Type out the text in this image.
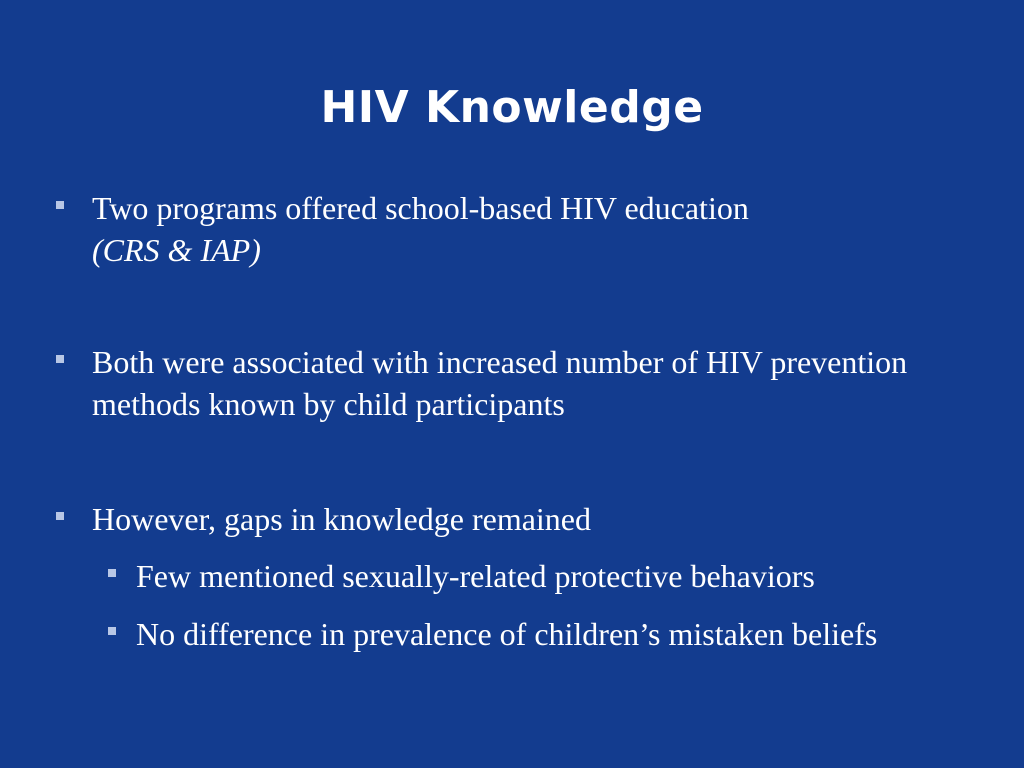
HIV Knowledge
Two programs offered school-based HIV education
(CRS & IAP)
Both were associated with increased number of HIV prevention methods known by child participants
However, gaps in knowledge remained
Few mentioned sexually-related protective behaviors
No difference in prevalence of children’s mistaken beliefs
